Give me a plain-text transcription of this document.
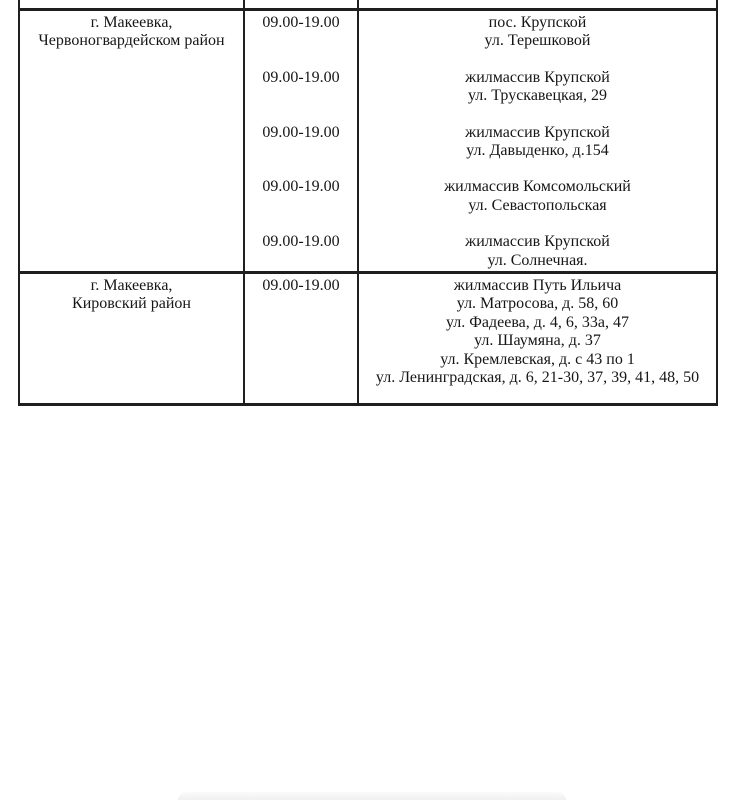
г. Макеевка,
Червоногвардейском район
09.00-19.00
09.00-19.00
09.00-19.00
09.00-19.00
09.00-19.00
пос. Крупской
ул. Терешковой
жилмассив Крупской
ул. Трускавецкая, 29
жилмассив Крупской
ул. Давыденко, д.154
жилмассив Комсомольский
ул. Севастопольская
жилмассив Крупской
ул. Солнечная.
г. Макеевка,
Кировский район
09.00-19.00	жилмассив Путь Ильича
ул. Матросова, д. 58, 60
ул. Фадеева, д. 4, 6, 33а, 47
ул. Шаумяна, д. 37
ул. Кремлевская, д. с 43 по 1
ул. Ленинградская, д. 6, 21-30, 37, 39, 41, 48, 50
